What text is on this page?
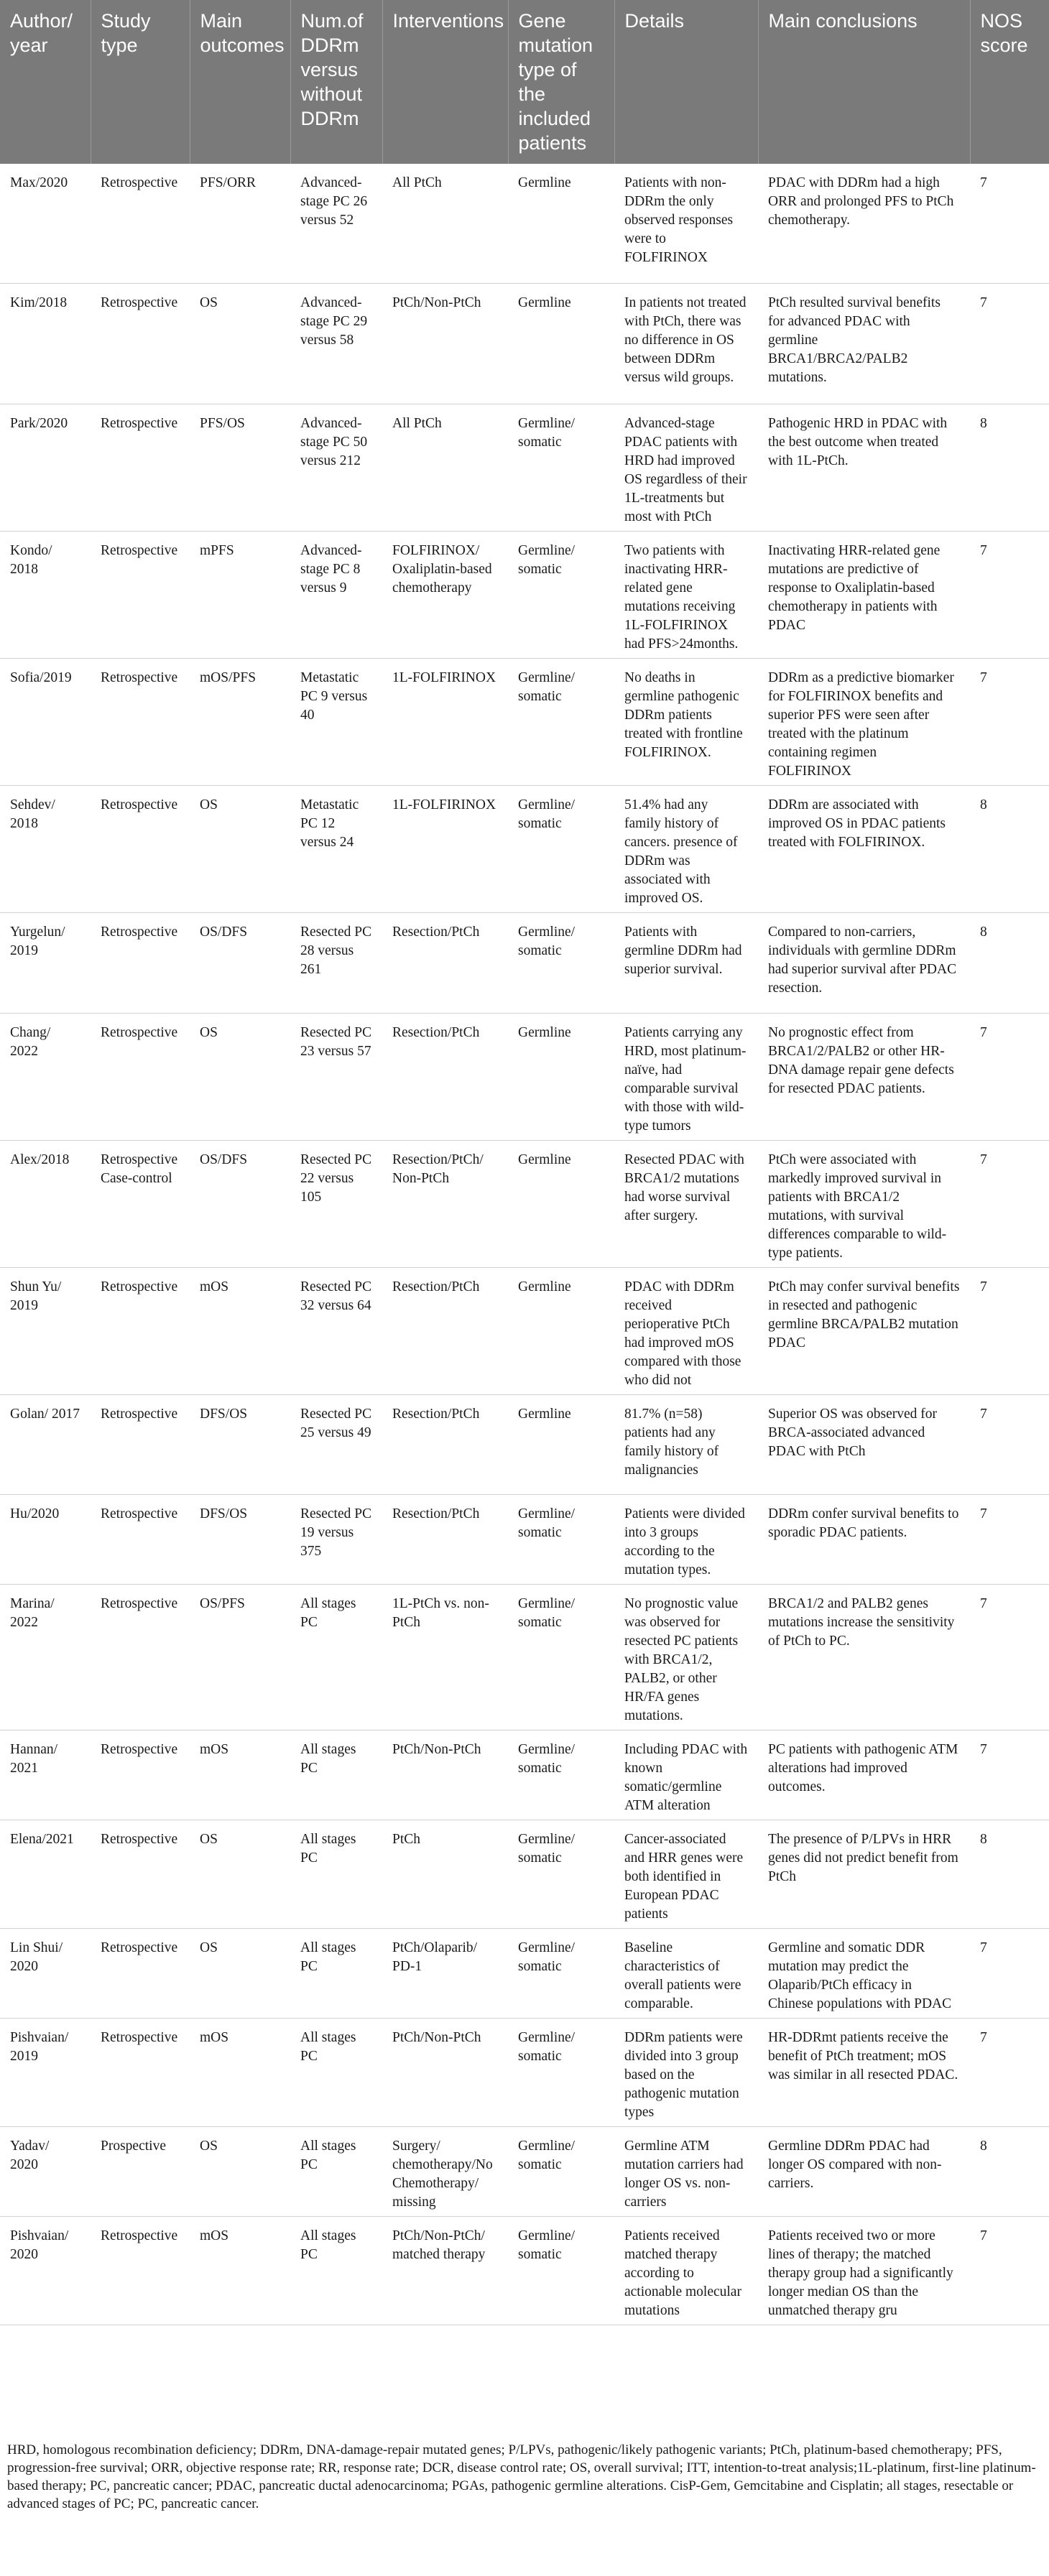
Author/ year	Study type	Main outcomes	Num.of DDRm versus without DDRm	Interventions	Gene mutation type of the included patients	Details	Main conclusions	NOS score
Max/2020	Retrospective	PFS/ORR	Advanced-stage PC 26 versus 52	All PtCh	Germline	Patients with non-DDRm the only observed responses were to FOLFIRINOX	PDAC with DDRm had a high ORR and prolonged PFS to PtCh chemotherapy.	7
Kim/2018	Retrospective	OS	Advanced-stage PC 29 versus 58	PtCh/Non-PtCh	Germline	In patients not treated with PtCh, there was no difference in OS between DDRm versus wild groups.	PtCh resulted survival benefits for advanced PDAC with germline BRCA1/BRCA2/PALB2 mutations.	7
Park/2020	Retrospective	PFS/OS	Advanced-stage PC 50 versus 212	All PtCh	Germline/ somatic	Advanced-stage PDAC patients with HRD had improved OS regardless of their 1L-treatments but most with PtCh	Pathogenic HRD in PDAC with the best outcome when treated with 1L-PtCh.	8
Kondo/ 2018	Retrospective	mPFS	Advanced-stage PC 8 versus 9	FOLFIRINOX/ Oxaliplatin-based chemotherapy	Germline/ somatic	Two patients with inactivating HRR-related gene mutations receiving 1L-FOLFIRINOX had PFS>24months.	Inactivating HRR-related gene mutations are predictive of response to Oxaliplatin-based chemotherapy in patients with PDAC	7
Sofia/2019	Retrospective	mOS/PFS	Metastatic PC 9 versus 40	1L-FOLFIRINOX	Germline/ somatic	No deaths in germline pathogenic DDRm patients treated with frontline FOLFIRINOX.	DDRm as a predictive biomarker for FOLFIRINOX benefits and superior PFS were seen after treated with the platinum containing regimen FOLFIRINOX	7
Sehdev/ 2018	Retrospective	OS	Metastatic PC 12 versus 24	1L-FOLFIRINOX	Germline/ somatic	51.4% had any family history of cancers. presence of DDRm was associated with improved OS.	DDRm are associated with improved OS in PDAC patients treated with FOLFIRINOX.	8
Yurgelun/ 2019	Retrospective	OS/DFS	Resected PC 28 versus 261	Resection/PtCh	Germline/ somatic	Patients with germline DDRm had superior survival.	Compared to non-carriers, individuals with germline DDRm had superior survival after PDAC resection.	8
Chang/ 2022	Retrospective	OS	Resected PC 23 versus 57	Resection/PtCh	Germline	Patients carrying any HRD, most platinum-naïve, had comparable survival with those with wild-type tumors	No prognostic effect from BRCA1/2/PALB2 or other HR-DNA damage repair gene defects for resected PDAC patients.	7
Alex/2018	Retrospective Case-control	OS/DFS	Resected PC 22 versus 105	Resection/PtCh/ Non-PtCh	Germline	Resected PDAC with BRCA1/2 mutations had worse survival after surgery.	PtCh were associated with markedly improved survival in patients with BRCA1/2 mutations, with survival differences comparable to wild-type patients.	7
Shun Yu/ 2019	Retrospective	mOS	Resected PC 32 versus 64	Resection/PtCh	Germline	PDAC with DDRm received perioperative PtCh had improved mOS compared with those who did not	PtCh may confer survival benefits in resected and pathogenic germline BRCA/PALB2 mutation PDAC	7
Golan/ 2017	Retrospective	DFS/OS	Resected PC 25 versus 49	Resection/PtCh	Germline	81.7% (n=58) patients had any family history of malignancies	Superior OS was observed for BRCA-associated advanced PDAC with PtCh	7
Hu/2020	Retrospective	DFS/OS	Resected PC 19 versus 375	Resection/PtCh	Germline/ somatic	Patients were divided into 3 groups according to the mutation types.	DDRm confer survival benefits to sporadic PDAC patients.	7
Marina/ 2022	Retrospective	OS/PFS	All stages PC	1L-PtCh vs. non-PtCh	Germline/ somatic	No prognostic value was observed for resected PC patients with BRCA1/2, PALB2, or other HR/FA genes mutations.	BRCA1/2 and PALB2 genes mutations increase the sensitivity of PtCh to PC.	7
Hannan/ 2021	Retrospective	mOS	All stages PC	PtCh/Non-PtCh	Germline/ somatic	Including PDAC with known somatic/germline ATM alteration	PC patients with pathogenic ATM alterations had improved outcomes.	7
Elena/2021	Retrospective	OS	All stages PC	PtCh	Germline/ somatic	Cancer-associated and HRR genes were both identified in European PDAC patients	The presence of P/LPVs in HRR genes did not predict benefit from PtCh	8
Lin Shui/ 2020	Retrospective	OS	All stages PC	PtCh/Olaparib/ PD-1	Germline/ somatic	Baseline characteristics of overall patients were comparable.	Germline and somatic DDR mutation may predict the Olaparib/PtCh efficacy in Chinese populations with PDAC	7
Pishvaian/ 2019	Retrospective	mOS	All stages PC	PtCh/Non-PtCh	Germline/ somatic	DDRm patients were divided into 3 group based on the pathogenic mutation types	HR-DDRmt patients receive the benefit of PtCh treatment; mOS was similar in all resected PDAC.	7
Yadav/ 2020	Prospective	OS	All stages PC	Surgery/ chemotherapy/No Chemotherapy/ missing	Germline/ somatic	Germline ATM mutation carriers had longer OS vs. non-carriers	Germline DDRm PDAC had longer OS compared with non-carriers.	8
Pishvaian/ 2020	Retrospective	mOS	All stages PC	PtCh/Non-PtCh/ matched therapy	Germline/ somatic	Patients received matched therapy according to actionable molecular mutations	Patients received two or more lines of therapy; the matched therapy group had a significantly longer median OS than the unmatched therapy gru	7
HRD, homologous recombination deficiency; DDRm, DNA-damage-repair mutated genes; P/LPVs, pathogenic/likely pathogenic variants; PtCh, platinum-based chemotherapy; PFS, progression-free survival; ORR, objective response rate; RR, response rate; DCR, disease control rate; OS, overall survival; ITT, intention-to-treat analysis;1L-platinum, first-line platinum-based therapy; PC, pancreatic cancer; PDAC, pancreatic ductal adenocarcinoma; PGAs, pathogenic germline alterations. CisP-Gem, Gemcitabine and Cisplatin; all stages, resectable or advanced stages of PC; PC, pancreatic cancer.
